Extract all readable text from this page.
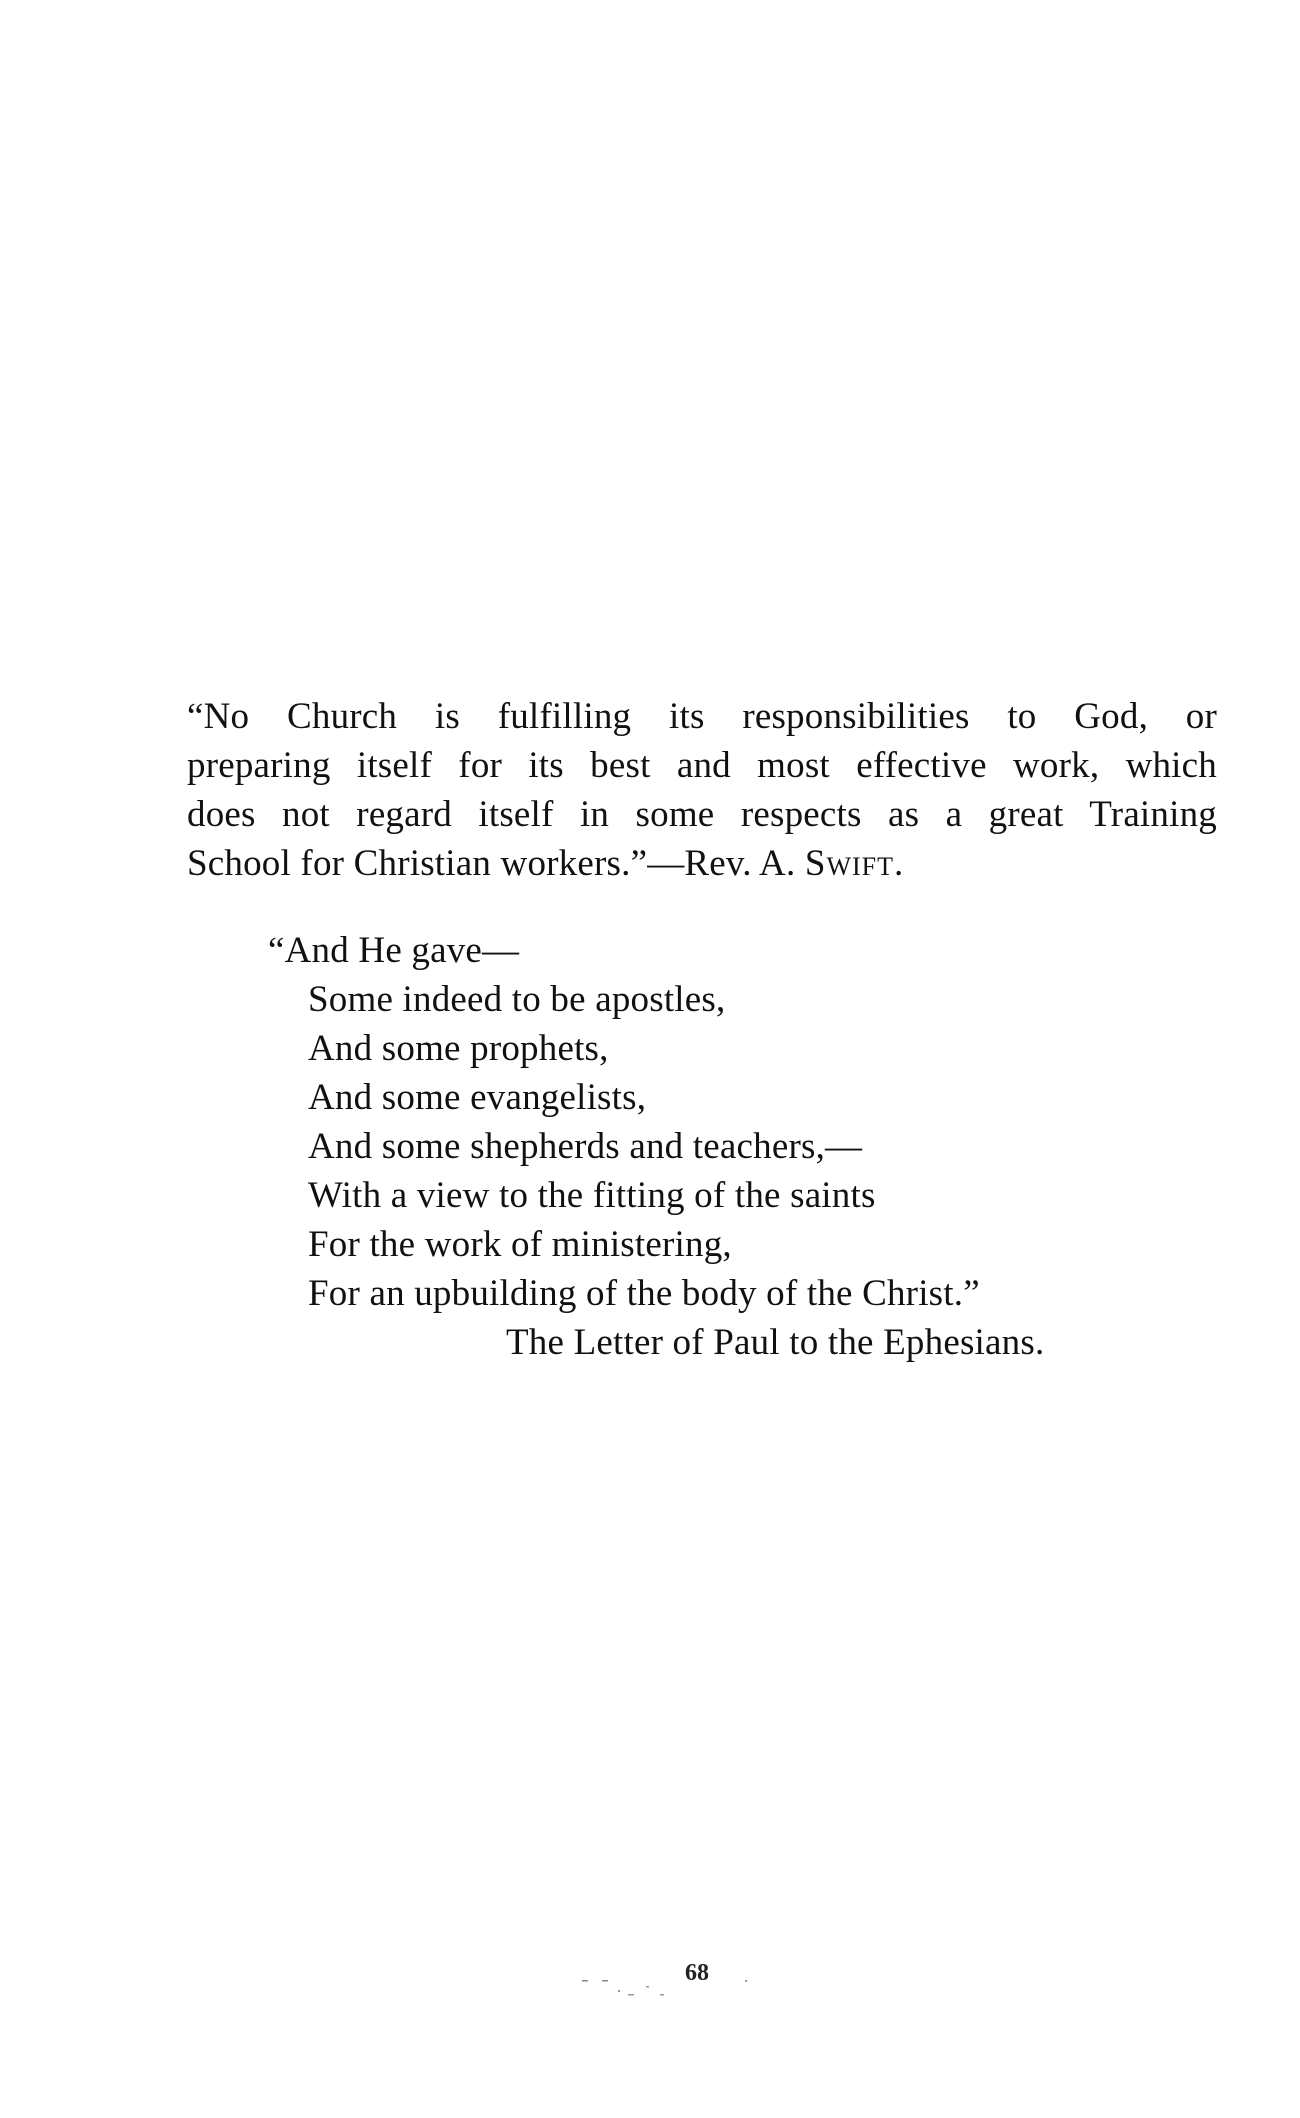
“No Church is fulfilling its responsibilities to God, or
preparing itself for its best and most effective work, which
does not regard itself in some respects as a great Training
School for Christian workers.”—Rev. A. Swift.
“And He gave—
Some indeed to be apostles,
And some prophets,
And some evangelists,
And some shepherds and teachers,—
With a view to the fitting of the saints
For the work of ministering,
For an upbuilding of the body of the Christ.”
The Letter of Paul to the Ephesians.
68
